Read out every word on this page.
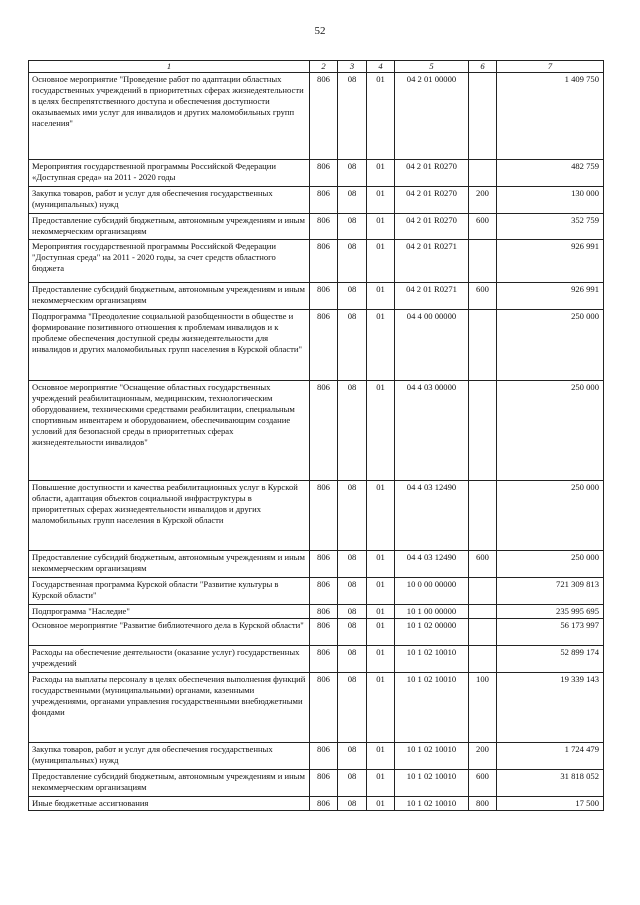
52
1	2	3	4	5	6	7
Основное мероприятие "Проведение работ по адаптации областных государственных учреждений в приоритетных сферах жизнедеятельности в целях беспрепятственного доступа и обеспечения доступности оказываемых ими услуг для инвалидов и других маломобильных групп населения"	806	08	01	04 2 01 00000		1 409 750
Мероприятия государственной программы Российской Федерации «Доступная среда» на 2011 - 2020 годы	806	08	01	04 2 01 R0270		482 759
Закупка товаров, работ и услуг для обеспечения государственных (муниципальных) нужд	806	08	01	04 2 01 R0270	200	130 000
Предоставление субсидий бюджетным, автономным учреждениям и иным некоммерческим организациям	806	08	01	04 2 01 R0270	600	352 759
Мероприятия государственной программы Российской Федерации "Доступная среда" на 2011 - 2020 годы, за счет средств областного бюджета	806	08	01	04 2 01 R0271		926 991
Предоставление субсидий бюджетным, автономным учреждениям и иным некоммерческим организациям	806	08	01	04 2 01 R0271	600	926 991
Подпрограмма "Преодоление социальной разобщенности в обществе и формирование позитивного отношения к проблемам инвалидов и к проблеме обеспечения доступной среды жизнедеятельности для инвалидов и других маломобильных групп населения в Курской области"	806	08	01	04 4 00 00000		250 000
Основное мероприятие "Оснащение областных государственных учреждений реабилитационным, медицинским, технологическим оборудованием, техническими средствами реабилитации, специальным спортивным инвентарем и оборудованием, обеспечивающим создание условий для безопасной среды в приоритетных сферах жизнедеятельности инвалидов"	806	08	01	04 4 03 00000		250 000
Повышение доступности и качества реабилитационных услуг в Курской области, адаптация объектов социальной инфраструктуры в приоритетных сферах жизнедеятельности инвалидов и других маломобильных групп населения в Курской области	806	08	01	04 4 03 12490		250 000
Предоставление субсидий бюджетным, автономным учреждениям и иным некоммерческим организациям	806	08	01	04 4 03 12490	600	250 000
Государственная программа Курской области "Развитие культуры в Курской области"	806	08	01	10 0 00 00000		721 309 813
Подпрограмма "Наследие"	806	08	01	10 1 00 00000		235 995 695
Основное мероприятие "Развитие библиотечного дела в Курской области"	806	08	01	10 1 02 00000		56 173 997
Расходы на обеспечение деятельности (оказание услуг) государственных учреждений	806	08	01	10 1 02 10010		52 899 174
Расходы на выплаты персоналу в целях обеспечения выполнения функций государственными (муниципальными) органами, казенными учреждениями, органами управления государственными внебюджетными фондами	806	08	01	10 1 02 10010	100	19 339 143
Закупка товаров, работ и услуг для обеспечения государственных (муниципальных) нужд	806	08	01	10 1 02 10010	200	1 724 479
Предоставление субсидий бюджетным, автономным учреждениям и иным некоммерческим организациям	806	08	01	10 1 02 10010	600	31 818 052
Иные бюджетные ассигнования	806	08	01	10 1 02 10010	800	17 500
